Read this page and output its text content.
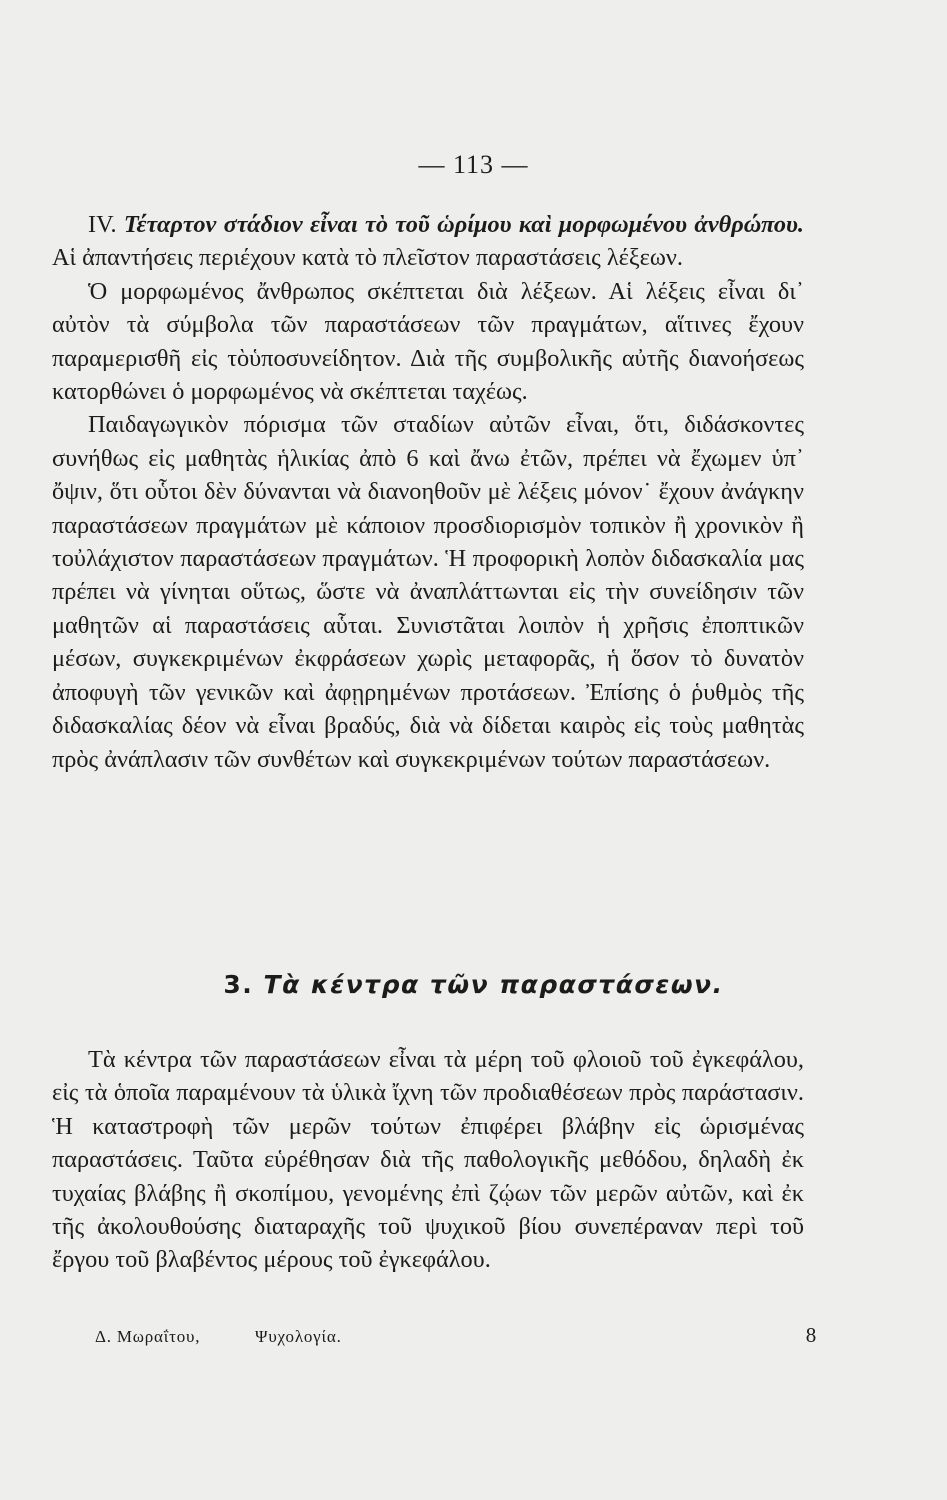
— 113 —

IV. Τέταρτον στάδιον εἶναι τὸ τοῦ ὡρίμου καὶ μορφωμένου ἀνθρώπου. Αἱ ἀπαντήσεις περιέχουν κατὰ τὸ πλεῖστον παραστάσεις λέξεων.

Ὁ μορφωμένος ἄνθρωπος σκέπτεται διὰ λέξεων. Αἱ λέξεις εἶναι δι᾿ αὐτὸν τὰ σύμβολα τῶν παραστάσεων τῶν πραγμάτων, αἵτινες ἔχουν παραμερισθῆ εἰς τὸὑποσυνείδητον. Διὰ τῆς συμβολικῆς αὐτῆς διανοήσεως κατορθώνει ὁ μορφωμένος νὰ σκέπτεται ταχέως.

Παιδαγωγικὸν πόρισμα τῶν σταδίων αὐτῶν εἶναι, ὅτι, διδάσκοντες συνήθως εἰς μαθητὰς ἡλικίας ἀπὸ 6 καὶ ἄνω ἐτῶν, πρέπει νὰ ἔχωμεν ὑπ᾿ ὄψιν, ὅτι οὗτοι δὲν δύνανται νὰ διανοηθοῦν μὲ λέξεις μόνον˙ ἔχουν ἀνάγκην παραστάσεων πραγμάτων μὲ κάποιον προσδιορισμὸν τοπικὸν ἢ χρονικὸν ἢ τοὐλάχιστον παραστάσεων πραγμάτων. Ἡ προφορικὴ λοπὸν διδασκαλία μας πρέπει νὰ γίνηται οὕτως, ὥστε νὰ ἀναπλάττωνται εἰς τὴν συνείδησιν τῶν μαθητῶν αἱ παραστάσεις αὗται. Συνιστᾶται λοιπὸν ἡ χρῆσις ἐποπτικῶν μέσων, συγκεκριμένων ἐκφράσεων χωρὶς μεταφορᾶς, ἡ ὅσον τὸ δυνατὸν ἀποφυγὴ τῶν γενικῶν καὶ ἀφῃρημένων προτάσεων. Ἐπίσης ὁ ῥυθμὸς τῆς διδασκαλίας δέον νὰ εἶναι βραδύς, διὰ νὰ δίδεται καιρὸς εἰς τοὺς μαθητὰς πρὸς ἀνάπλασιν τῶν συνθέτων καὶ συγκεκριμένων τούτων παραστάσεων.

3. Τὰ κέντρα τῶν παραστάσεων.

Τὰ κέντρα τῶν παραστάσεων εἶναι τὰ μέρη τοῦ φλοιοῦ τοῦ ἐγκεφάλου, εἰς τὰ ὁποῖα παραμένουν τὰ ὑλικὰ ἴχνη τῶν προδιαθέσεων πρὸς παράστασιν. Ἡ καταστροφὴ τῶν μερῶν τούτων ἐπιφέρει βλάβην εἰς ὡρισμένας παραστάσεις. Ταῦτα εὑρέθησαν διὰ τῆς παθολογικῆς μεθόδου, δηλαδὴ ἐκ τυχαίας βλάβης ἢ σκοπίμου, γενομένης ἐπὶ ζῴων τῶν μερῶν αὐτῶν, καὶ ἐκ τῆς ἀκολουθούσης διαταραχῆς τοῦ ψυχικοῦ βίου συνεπέραναν περὶ τοῦ ἔργου τοῦ βλαβέντος μέρους τοῦ ἐγκεφάλου.

Δ. Μωραΐτου,	Ψυχολογία.	8
